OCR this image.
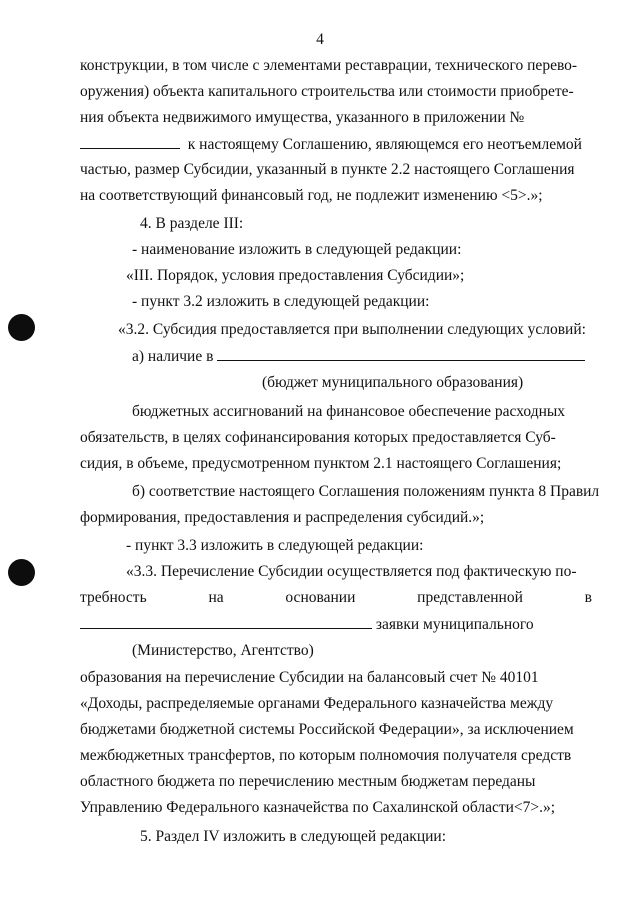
4
конструкции, в том числе с элементами реставрации, технического перево-
оружения) объекта капитального строительства или стоимости приобрете-
ния объекта недвижимого имущества, указанного в приложении №
к настоящему Соглашению, являющемся его неотъемлемой
частью, размер Субсидии, указанный в пункте 2.2 настоящего Соглашения
на соответствующий финансовый год, не подлежит изменению <5>.»;
4. В разделе III:
- наименование изложить в следующей редакции:
«III. Порядок, условия предоставления Субсидии»;
- пункт 3.2 изложить в следующей редакции:
«3.2. Субсидия предоставляется при выполнении следующих условий:
а) наличие в
(бюджет муниципального образования)
бюджетных ассигнований на финансовое обеспечение расходных
обязательств, в целях софинансирования которых предоставляется Суб-
сидия, в объеме, предусмотренном пунктом 2.1 настоящего Соглашения;
б) соответствие настоящего Соглашения положениям пункта 8 Правил
формирования, предоставления и распределения субсидий.»;
- пункт 3.3 изложить в следующей редакции:
«3.3. Перечисление Субсидии осуществляется под фактическую по-
требность	на	основании	представленной	в
заявки муниципального
(Министерство, Агентство)
образования на перечисление Субсидии на балансовый счет № 40101
«Доходы, распределяемые органами Федерального казначейства между
бюджетами бюджетной системы Российской Федерации», за исключением
межбюджетных трансфертов, по которым полномочия получателя средств
областного бюджета по перечислению местным бюджетам переданы
Управлению Федерального казначейства по Сахалинской области<7>.»;
5. Раздел IV изложить в следующей редакции:
